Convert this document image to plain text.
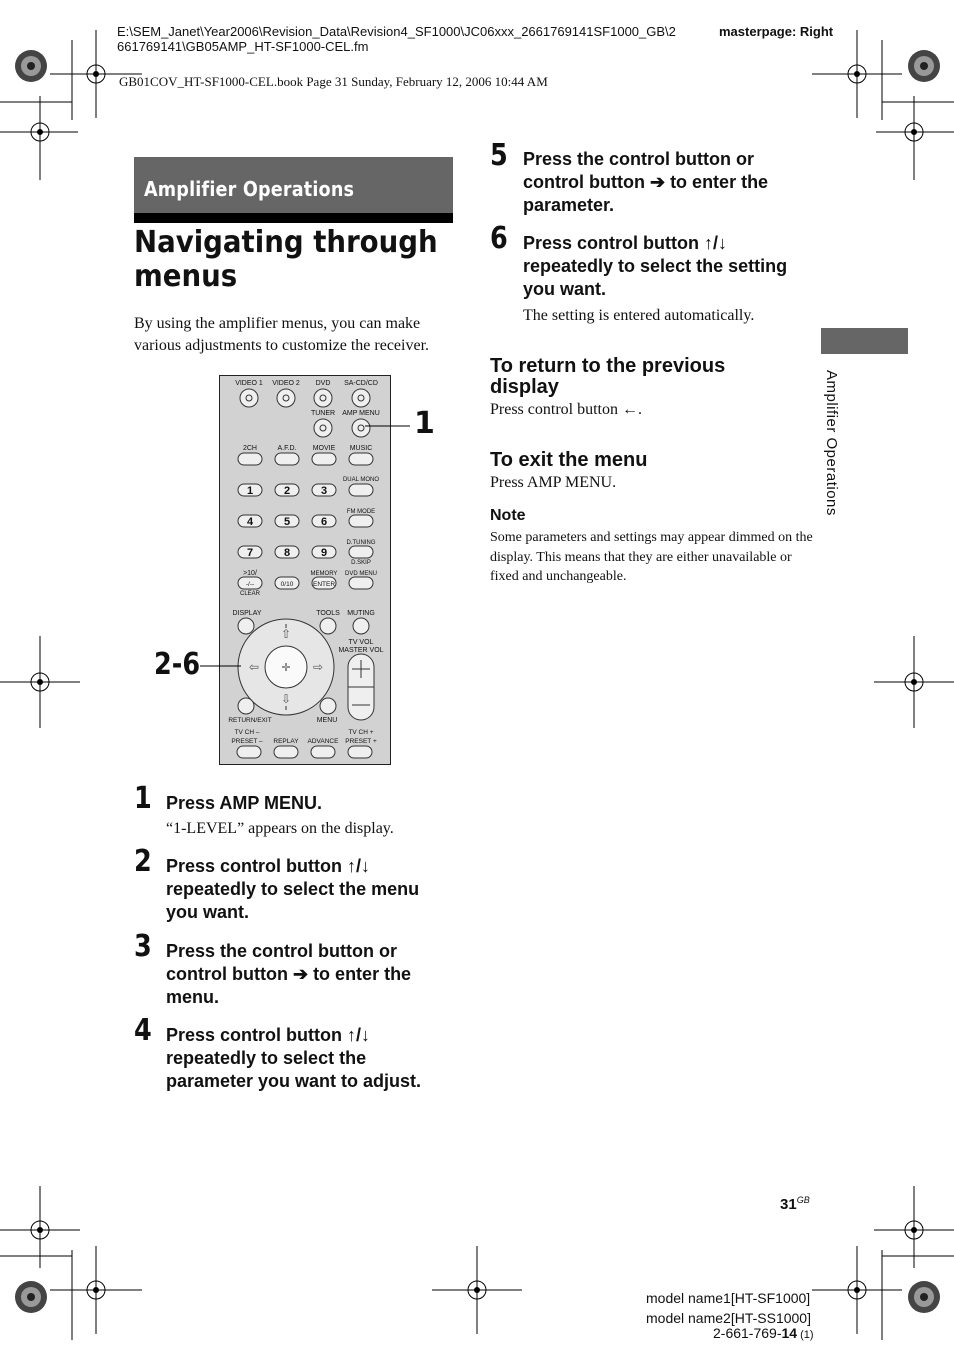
E:\SEM_Janet\Year2006\Revision_Data\Revision4_SF1000\JC06xxx_2661769141SF1000_GB\2	masterpage: Right
661769141\GB05AMP_HT-SF1000-CEL.fm
GB01COV_HT-SF1000-CEL.book Page 31 Sunday, February 12, 2006 10:44 AM
Amplifier Operations
Navigating through menus
By using the amplifier menus, you can make various adjustments to customize the receiver.
VIDEO 1 VIDEO 2 DVD SA-CD/CD
TUNER AMP MENU
2CH	A.F.D. MOVIE MUSIC
DUAL MONO
FM MODE
D.TUNING
D.SKIP
MEMORY DVD MENU
>10/
CLEAR
DISPLAY	TOOLS MUTING
TV VOL
MASTER VOL
RETURN/EXIT	MENU
TV CH –
PRESET – REPLAY ADVANCE
TV CH +
PRESET +
1	2	3
4	5	6
7	8	9
-/--	0/10	ENTER
⇧
⇩
⇦	⇨
✛
1
2-6
1 Press AMP MENU.
“1-LEVEL” appears on the display.
2 Press control button ↑/↓ repeatedly to select the menu you want.
3 Press the control button or control button ➔ to enter the menu.
4 Press control button ↑/↓ repeatedly to select the parameter you want to adjust.
5 Press the control button or control button ➔ to enter the parameter.
6 Press control button ↑/↓ repeatedly to select the setting you want.
The setting is entered automatically.
To return to the previous display
Press control button ←.
To exit the menu
Press AMP MENU.
Note
Some parameters and settings may appear dimmed on the display. This means that they are either unavailable or fixed and unchangeable.
Amplifier Operations
$31^{GB}$
model name1[HT-SF1000]
model name2[HT-SS1000]
2-661-769-14 (1)
